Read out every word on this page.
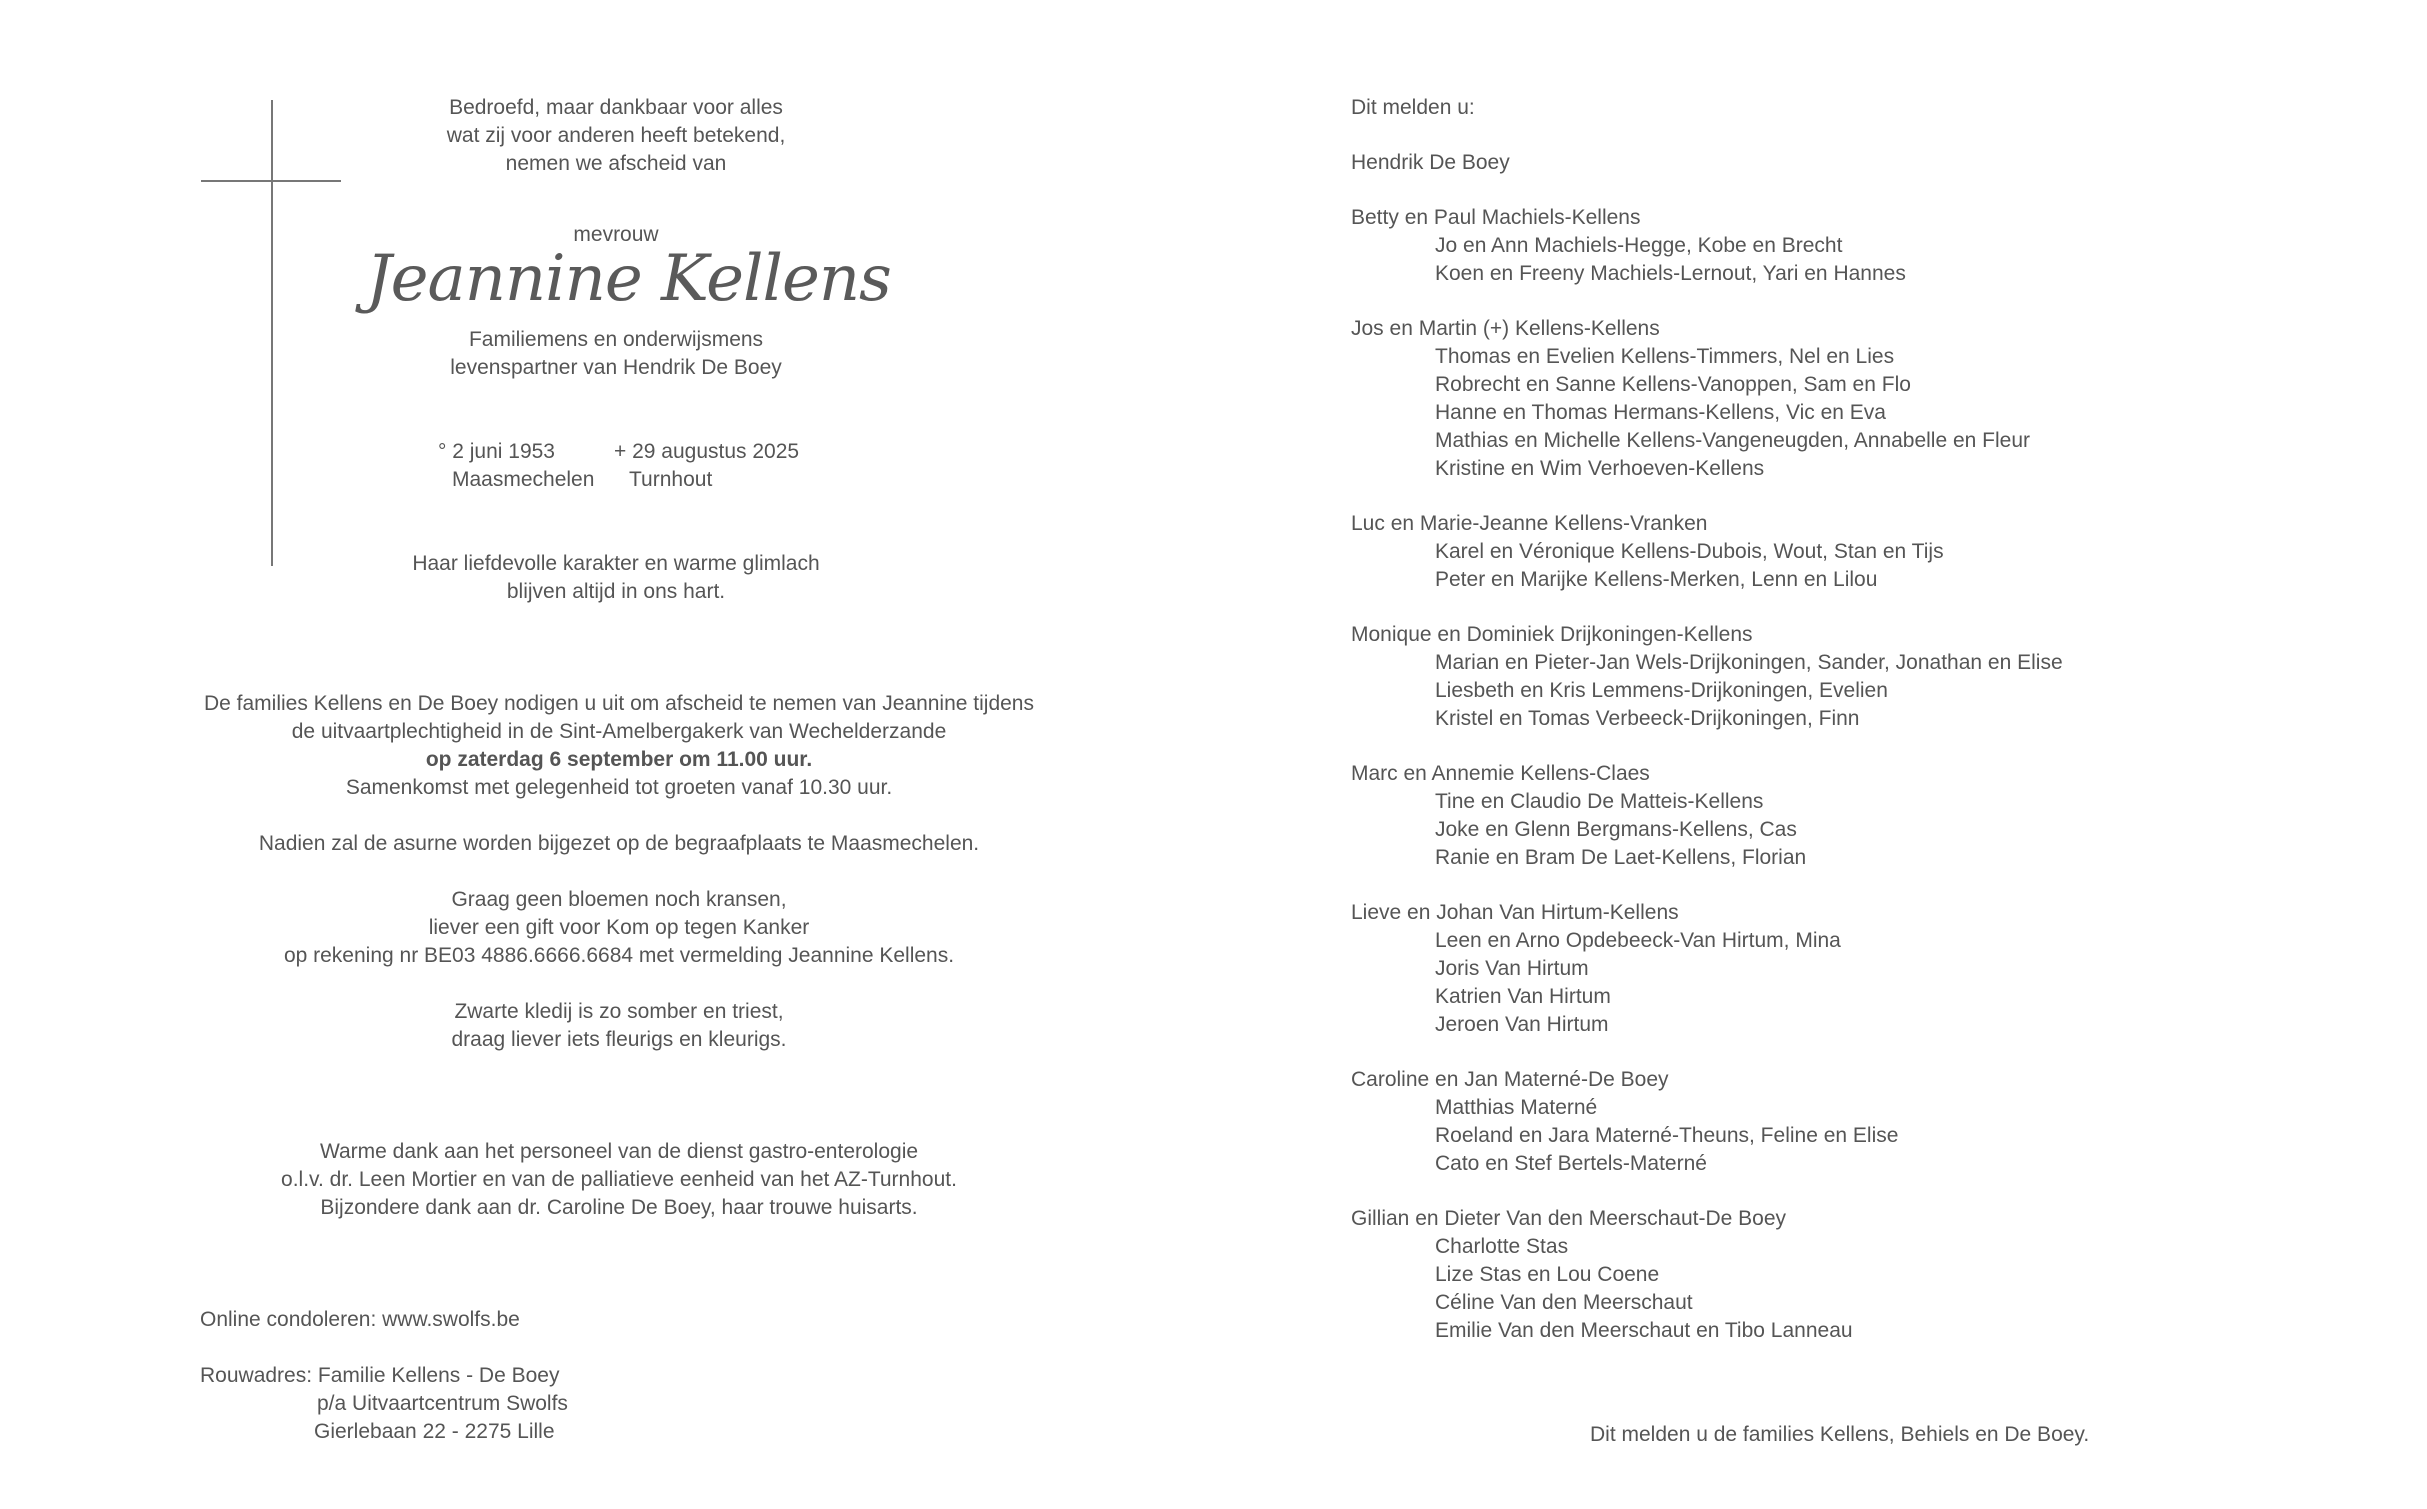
Bedroefd, maar dankbaar voor alles
wat zij voor anderen heeft betekend,
nemen we afscheid van
mevrouw
Jeannine Kellens
Familiemens en onderwijsmens
levenspartner van Hendrik De Boey
° 2 juni 1953
Maasmechelen
+ 29 augustus 2025
Turnhout
Haar liefdevolle karakter en warme glimlach
blijven altijd in ons hart.
De families Kellens en De Boey nodigen u uit om afscheid te nemen van Jeannine tijdens
de uitvaartplechtigheid in de Sint-Amelbergakerk van Wechelderzande
op zaterdag 6 september om 11.00 uur.
Samenkomst met gelegenheid tot groeten vanaf 10.30 uur.
Nadien zal de asurne worden bijgezet op de begraafplaats te Maasmechelen.
Graag geen bloemen noch kransen,
liever een gift voor Kom op tegen Kanker
op rekening nr BE03 4886.6666.6684 met vermelding Jeannine Kellens.
Zwarte kledij is zo somber en triest,
draag liever iets fleurigs en kleurigs.
Warme dank aan het personeel van de dienst gastro-enterologie
o.l.v. dr. Leen Mortier en van de palliatieve eenheid van het AZ-Turnhout.
Bijzondere dank aan dr. Caroline De Boey, haar trouwe huisarts.
Online condoleren: www.swolfs.be
Rouwadres: Familie Kellens - De Boey
p/a Uitvaartcentrum Swolfs
Gierlebaan 22 - 2275 Lille
Dit melden u:
Hendrik De Boey
Betty en Paul Machiels-Kellens
Jo en Ann Machiels-Hegge, Kobe en Brecht
Koen en Freeny Machiels-Lernout, Yari en Hannes
Jos en Martin (+) Kellens-Kellens
Thomas en Evelien Kellens-Timmers, Nel en Lies
Robrecht en Sanne Kellens-Vanoppen, Sam en Flo
Hanne en Thomas Hermans-Kellens, Vic en Eva
Mathias en Michelle Kellens-Vangeneugden, Annabelle en Fleur
Kristine en Wim Verhoeven-Kellens
Luc en Marie-Jeanne Kellens-Vranken
Karel en Véronique Kellens-Dubois, Wout, Stan en Tijs
Peter en Marijke Kellens-Merken, Lenn en Lilou
Monique en Dominiek Drijkoningen-Kellens
Marian en Pieter-Jan Wels-Drijkoningen, Sander, Jonathan en Elise
Liesbeth en Kris Lemmens-Drijkoningen, Evelien
Kristel en Tomas Verbeeck-Drijkoningen, Finn
Marc en Annemie Kellens-Claes
Tine en Claudio De Matteis-Kellens
Joke en Glenn Bergmans-Kellens, Cas
Ranie en Bram De Laet-Kellens, Florian
Lieve en Johan Van Hirtum-Kellens
Leen en Arno Opdebeeck-Van Hirtum, Mina
Joris Van Hirtum
Katrien Van Hirtum
Jeroen Van Hirtum
Caroline en Jan Materné-De Boey
Matthias Materné
Roeland en Jara Materné-Theuns, Feline en Elise
Cato en Stef Bertels-Materné
Gillian en Dieter Van den Meerschaut-De Boey
Charlotte Stas
Lize Stas en Lou Coene
Céline Van den Meerschaut
Emilie Van den Meerschaut en Tibo Lanneau
Dit melden u de families Kellens, Behiels en De Boey.
